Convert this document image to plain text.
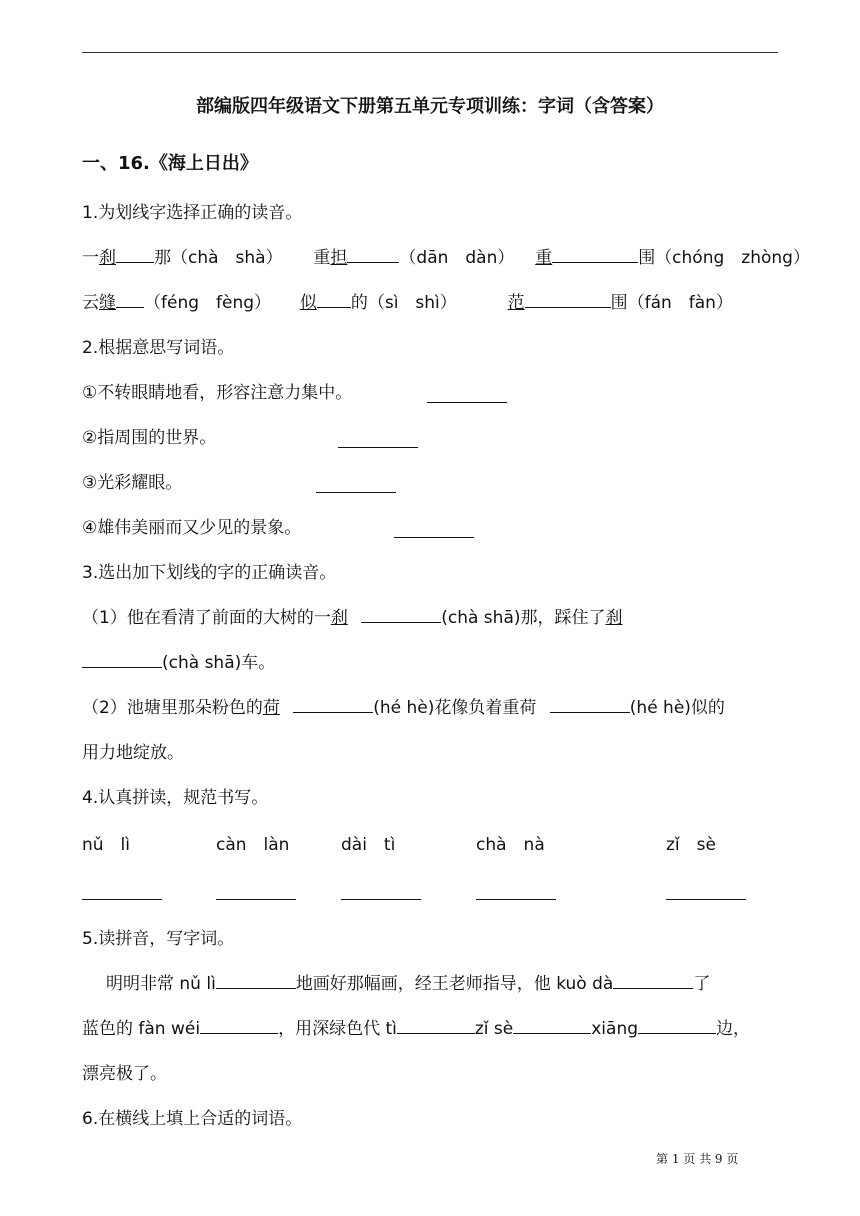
部编版四年级语文下册第五单元专项训练：字词（含答案）
一、16.《海上日出》
1.为划线字选择正确的读音。
一刹 那（chà　shà） 重担	（dān　dàn） 重	围（chóng　zhòng）
云缝 （féng　fèng） 似 的（sì　shì）	范	围（fán　fàn）
2.根据意思写词语。
①不转眼睛地看，形容注意力集中。
②指周围的世界。
③光彩耀眼。
④雄伟美丽而又少见的景象。
3.选出加下划线的字的正确读音。
（1）他在看清了前面的大树的一刹	(chà shā)那，踩住了刹
(chà shā)车。
（2）池塘里那朵粉色的荷	(hé hè)花像负着重荷	(hé hè)似的
用力地绽放。
4.认真拼读，规范书写。
nǔ　lì	càn　làn	dài　tì	chà　nà	zǐ　sè
5.读拼音，写字词。
明明非常 nǔ lì	地画好那幅画，经王老师指导，他 kuò dà	了
蓝色的 fàn wéi	，用深绿色代 tì	zǐ sè	xiāng	边，
漂亮极了。
6.在横线上填上合适的词语。
第 1 页 共 9 页
